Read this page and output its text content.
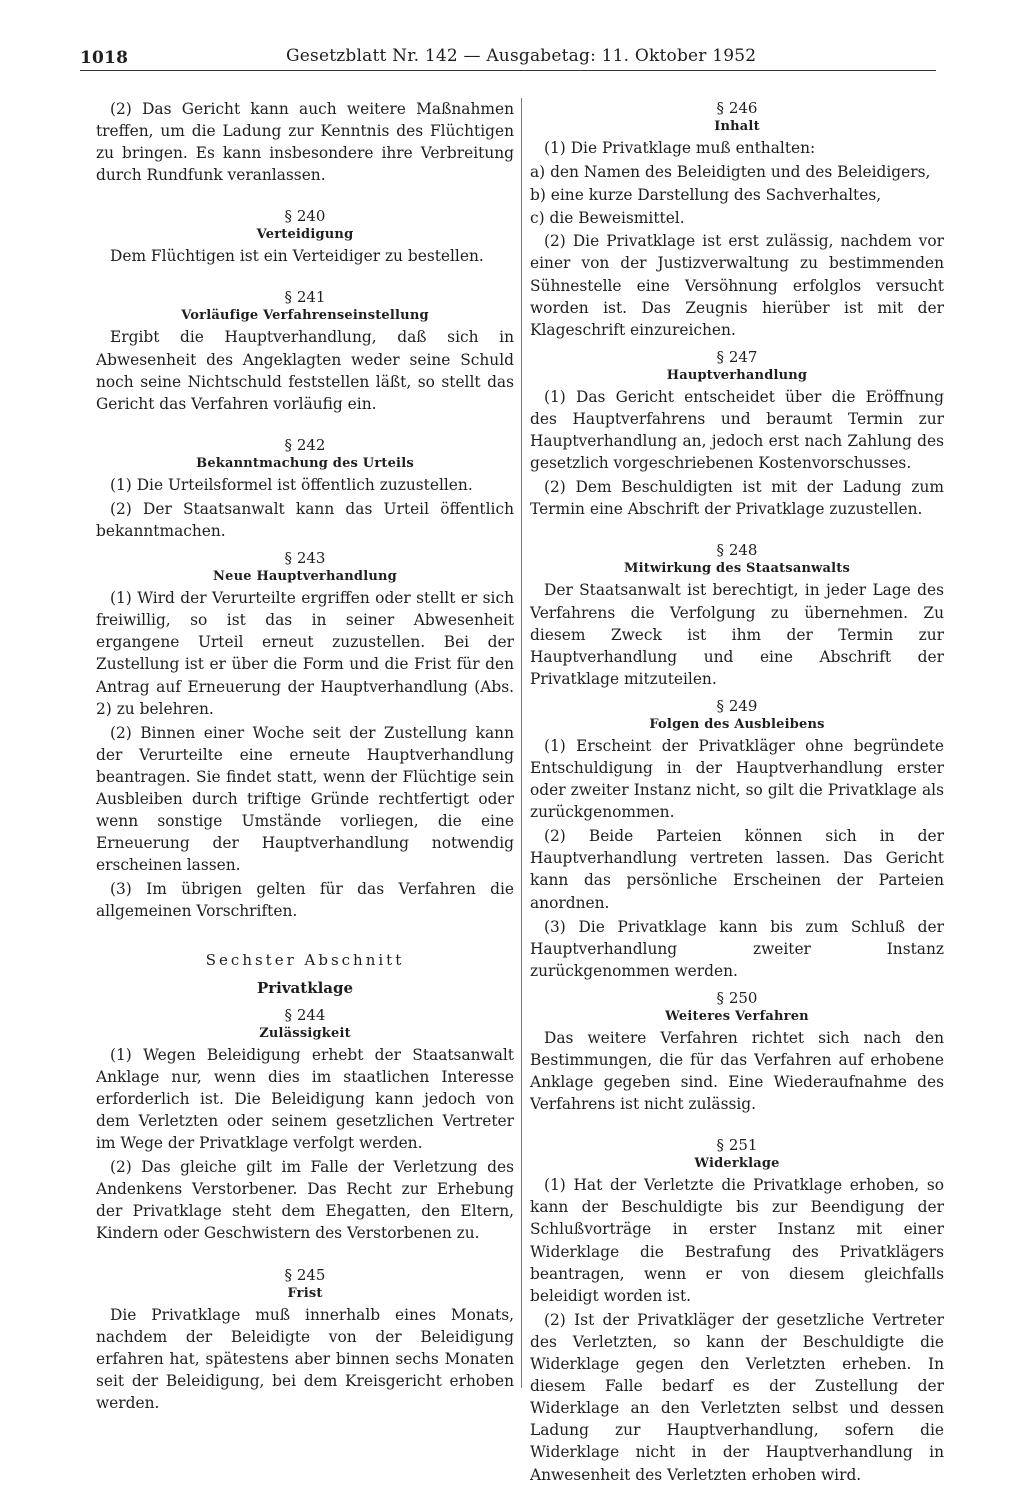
1018	Gesetzblatt Nr. 142 — Ausgabetag: 11. Oktober 1952

(2) Das Gericht kann auch weitere Maßnahmen treffen, um die Ladung zur Kenntnis des Flüchtigen zu bringen. Es kann insbesondere ihre Verbreitung durch Rundfunk veranlassen.

§ 240
Verteidigung

Dem Flüchtigen ist ein Verteidiger zu bestellen.

§ 241
Vorläufige Verfahrenseinstellung

Ergibt die Hauptverhandlung, daß sich in Abwesenheit des Angeklagten weder seine Schuld noch seine Nichtschuld feststellen läßt, so stellt das Gericht das Verfahren vorläufig ein.

§ 242
Bekanntmachung des Urteils

(1) Die Urteilsformel ist öffentlich zuzustellen.

(2) Der Staatsanwalt kann das Urteil öffentlich bekanntmachen.

§ 243
Neue Hauptverhandlung

(1) Wird der Verurteilte ergriffen oder stellt er sich freiwillig, so ist das in seiner Abwesenheit ergangene Urteil erneut zuzustellen. Bei der Zustellung ist er über die Form und die Frist für den Antrag auf Erneuerung der Hauptverhandlung (Abs. 2) zu belehren.

(2) Binnen einer Woche seit der Zustellung kann der Verurteilte eine erneute Hauptverhandlung beantragen. Sie findet statt, wenn der Flüchtige sein Ausbleiben durch triftige Gründe rechtfertigt oder wenn sonstige Umstände vorliegen, die eine Erneuerung der Hauptverhandlung notwendig erscheinen lassen.

(3) Im übrigen gelten für das Verfahren die allgemeinen Vorschriften.

Sechster Abschnitt
Privatklage
§ 244
Zulässigkeit

(1) Wegen Beleidigung erhebt der Staatsanwalt Anklage nur, wenn dies im staatlichen Interesse erforderlich ist. Die Beleidigung kann jedoch von dem Verletzten oder seinem gesetzlichen Vertreter im Wege der Privatklage verfolgt werden.

(2) Das gleiche gilt im Falle der Verletzung des Andenkens Verstorbener. Das Recht zur Erhebung der Privatklage steht dem Ehegatten, den Eltern, Kindern oder Geschwistern des Verstorbenen zu.

§ 245
Frist

Die Privatklage muß innerhalb eines Monats, nachdem der Beleidigte von der Beleidigung erfahren hat, spätestens aber binnen sechs Monaten seit der Beleidigung, bei dem Kreisgericht erhoben werden.

§ 246
Inhalt

(1) Die Privatklage muß enthalten:

a) den Namen des Beleidigten und des Beleidigers,

b) eine kurze Darstellung des Sachverhaltes,

c) die Beweismittel.

(2) Die Privatklage ist erst zulässig, nachdem vor einer von der Justizverwaltung zu bestimmenden Sühnestelle eine Versöhnung erfolglos versucht worden ist. Das Zeugnis hierüber ist mit der Klageschrift einzureichen.

§ 247
Hauptverhandlung

(1) Das Gericht entscheidet über die Eröffnung des Hauptverfahrens und beraumt Termin zur Hauptverhandlung an, jedoch erst nach Zahlung des gesetzlich vorgeschriebenen Kostenvorschusses.

(2) Dem Beschuldigten ist mit der Ladung zum Termin eine Abschrift der Privatklage zuzustellen.

§ 248
Mitwirkung des Staatsanwalts

Der Staatsanwalt ist berechtigt, in jeder Lage des Verfahrens die Verfolgung zu übernehmen. Zu diesem Zweck ist ihm der Termin zur Hauptverhandlung und eine Abschrift der Privatklage mitzuteilen.

§ 249
Folgen des Ausbleibens

(1) Erscheint der Privatkläger ohne begründete Entschuldigung in der Hauptverhandlung erster oder zweiter Instanz nicht, so gilt die Privatklage als zurückgenommen.

(2) Beide Parteien können sich in der Hauptverhandlung vertreten lassen. Das Gericht kann das persönliche Erscheinen der Parteien anordnen.

(3) Die Privatklage kann bis zum Schluß der Hauptverhandlung zweiter Instanz zurückgenommen werden.

§ 250
Weiteres Verfahren

Das weitere Verfahren richtet sich nach den Bestimmungen, die für das Verfahren auf erhobene Anklage gegeben sind. Eine Wiederaufnahme des Verfahrens ist nicht zulässig.

§ 251
Widerklage

(1) Hat der Verletzte die Privatklage erhoben, so kann der Beschuldigte bis zur Beendigung der Schlußvorträge in erster Instanz mit einer Widerklage die Bestrafung des Privatklägers beantragen, wenn er von diesem gleichfalls beleidigt worden ist.

(2) Ist der Privatkläger der gesetzliche Vertreter des Verletzten, so kann der Beschuldigte die Widerklage gegen den Verletzten erheben. In diesem Falle bedarf es der Zustellung der Widerklage an den Verletzten selbst und dessen Ladung zur Hauptverhandlung, sofern die Widerklage nicht in der Hauptverhandlung in Anwesenheit des Verletzten erhoben wird.
